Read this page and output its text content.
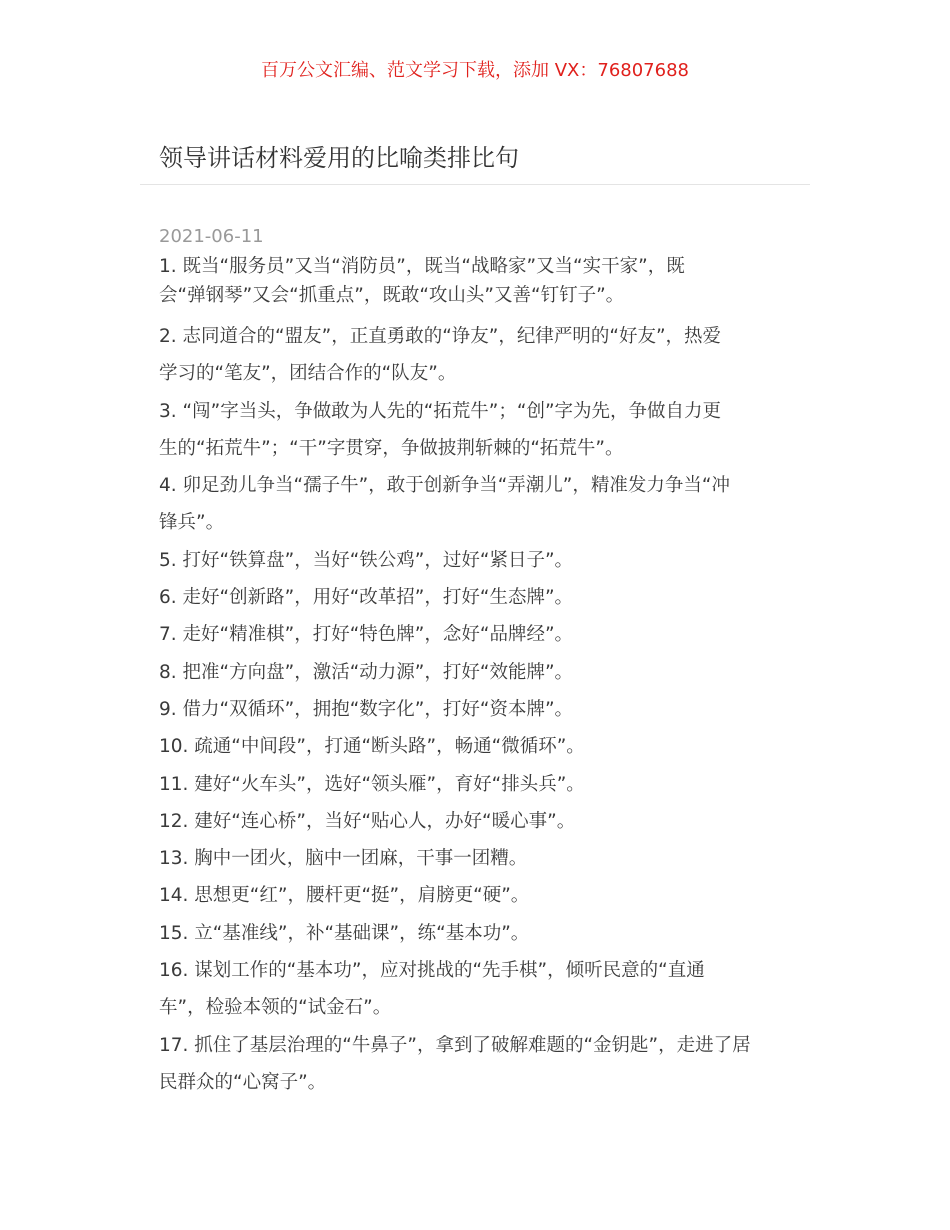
百万公文汇编、范文学习下载，添加 VX：76807688
领导讲话材料爱用的比喻类排比句
2021-06-11
1. 既当“服务员”又当“消防员”，既当“战略家”又当“实干家”，既
会“弹钢琴”又会“抓重点”，既敢“攻山头”又善“钉钉子”。
2. 志同道合的“盟友”，正直勇敢的“诤友”，纪律严明的“好友”，热爱
学习的“笔友”，团结合作的“队友”。
3. “闯”字当头，争做敢为人先的“拓荒牛”；“创”字为先，争做自力更
生的“拓荒牛”；“干”字贯穿，争做披荆斩棘的“拓荒牛”。
4. 卯足劲儿争当“孺子牛”，敢于创新争当“弄潮儿”，精准发力争当“冲
锋兵”。
5. 打好“铁算盘”，当好“铁公鸡”，过好“紧日子”。
6. 走好“创新路”，用好“改革招”，打好“生态牌”。
7. 走好“精准棋”，打好“特色牌”，念好“品牌经”。
8. 把准“方向盘”，激活“动力源”，打好“效能牌”。
9. 借力“双循环”，拥抱“数字化”，打好“资本牌”。
10. 疏通“中间段”，打通“断头路”，畅通“微循环”。
11. 建好“火车头”，选好“领头雁”，育好“排头兵”。
12. 建好“连心桥”，当好“贴心人，办好“暖心事”。
13. 胸中一团火，脑中一团麻，干事一团糟。
14. 思想更“红”，腰杆更“挺”，肩膀更“硬”。
15. 立“基准线”，补“基础课”，练“基本功”。
16. 谋划工作的“基本功”，应对挑战的“先手棋”，倾听民意的“直通
车”，检验本领的“试金石”。
17. 抓住了基层治理的“牛鼻子”，拿到了破解难题的“金钥匙”，走进了居
民群众的“心窝子”。
